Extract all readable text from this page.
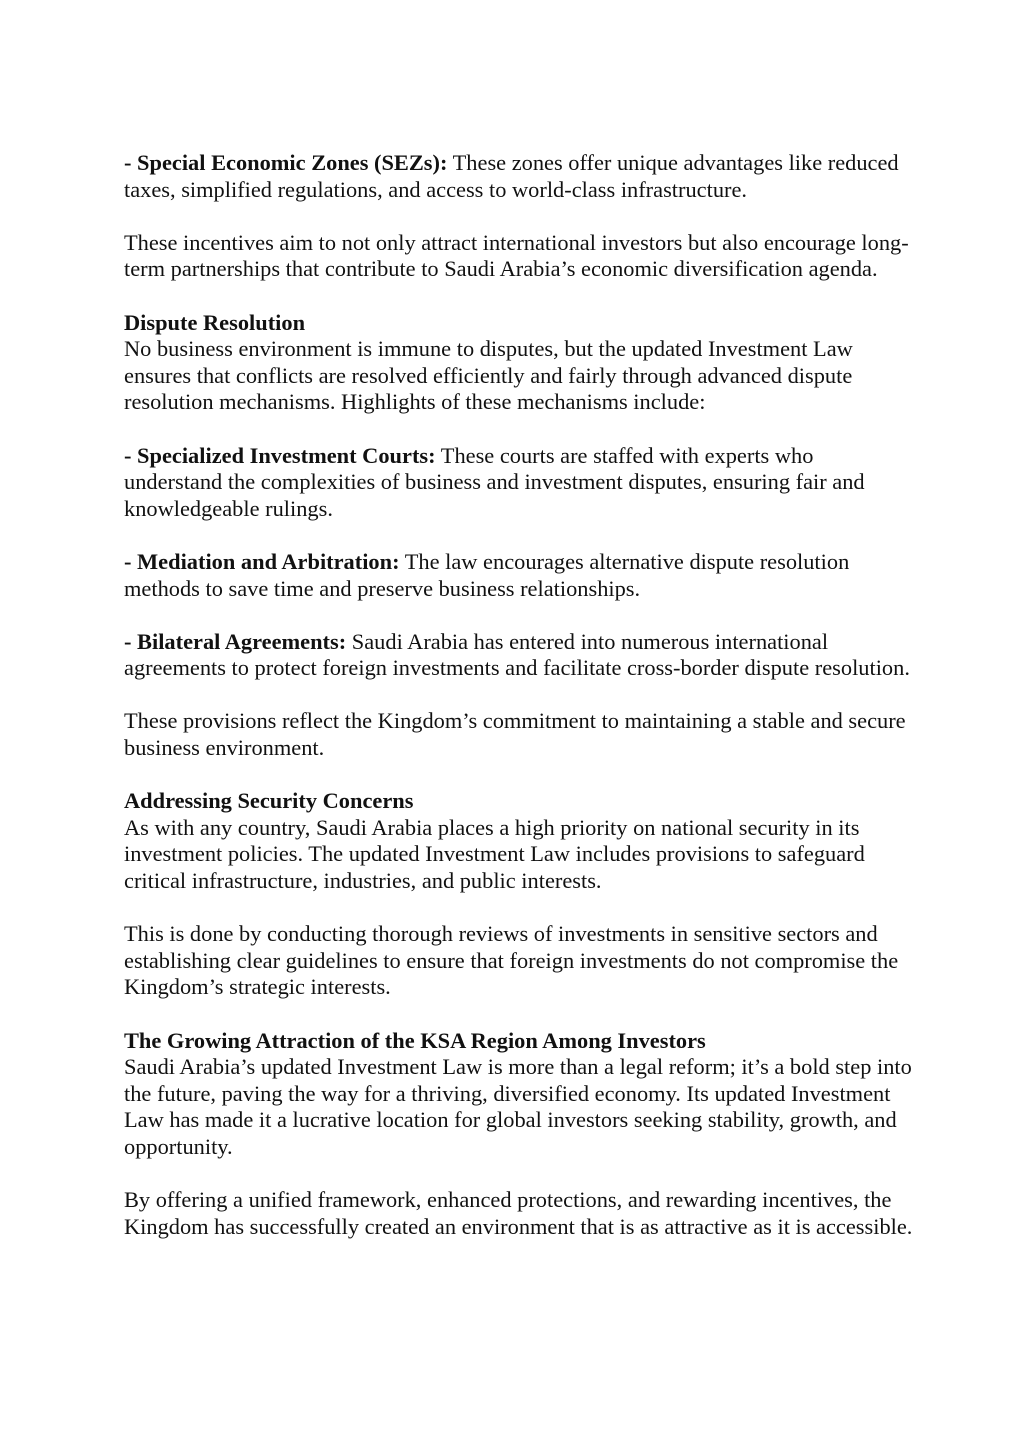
- Special Economic Zones (SEZs): These zones offer unique advantages like reduced taxes, simplified regulations, and access to world-class infrastructure.

These incentives aim to not only attract international investors but also encourage long-term partnerships that contribute to Saudi Arabia’s economic diversification agenda.

Dispute Resolution
No business environment is immune to disputes, but the updated Investment Law ensures that conflicts are resolved efficiently and fairly through advanced dispute resolution mechanisms. Highlights of these mechanisms include:

- Specialized Investment Courts: These courts are staffed with experts who understand the complexities of business and investment disputes, ensuring fair and knowledgeable rulings.

- Mediation and Arbitration: The law encourages alternative dispute resolution methods to save time and preserve business relationships.

- Bilateral Agreements: Saudi Arabia has entered into numerous international agreements to protect foreign investments and facilitate cross-border dispute resolution.

These provisions reflect the Kingdom’s commitment to maintaining a stable and secure business environment.

Addressing Security Concerns
As with any country, Saudi Arabia places a high priority on national security in its investment policies. The updated Investment Law includes provisions to safeguard critical infrastructure, industries, and public interests.

This is done by conducting thorough reviews of investments in sensitive sectors and establishing clear guidelines to ensure that foreign investments do not compromise the Kingdom’s strategic interests.

The Growing Attraction of the KSA Region Among Investors
Saudi Arabia’s updated Investment Law is more than a legal reform; it’s a bold step into the future, paving the way for a thriving, diversified economy. Its updated Investment Law has made it a lucrative location for global investors seeking stability, growth, and opportunity.

By offering a unified framework, enhanced protections, and rewarding incentives, the Kingdom has successfully created an environment that is as attractive as it is accessible.
